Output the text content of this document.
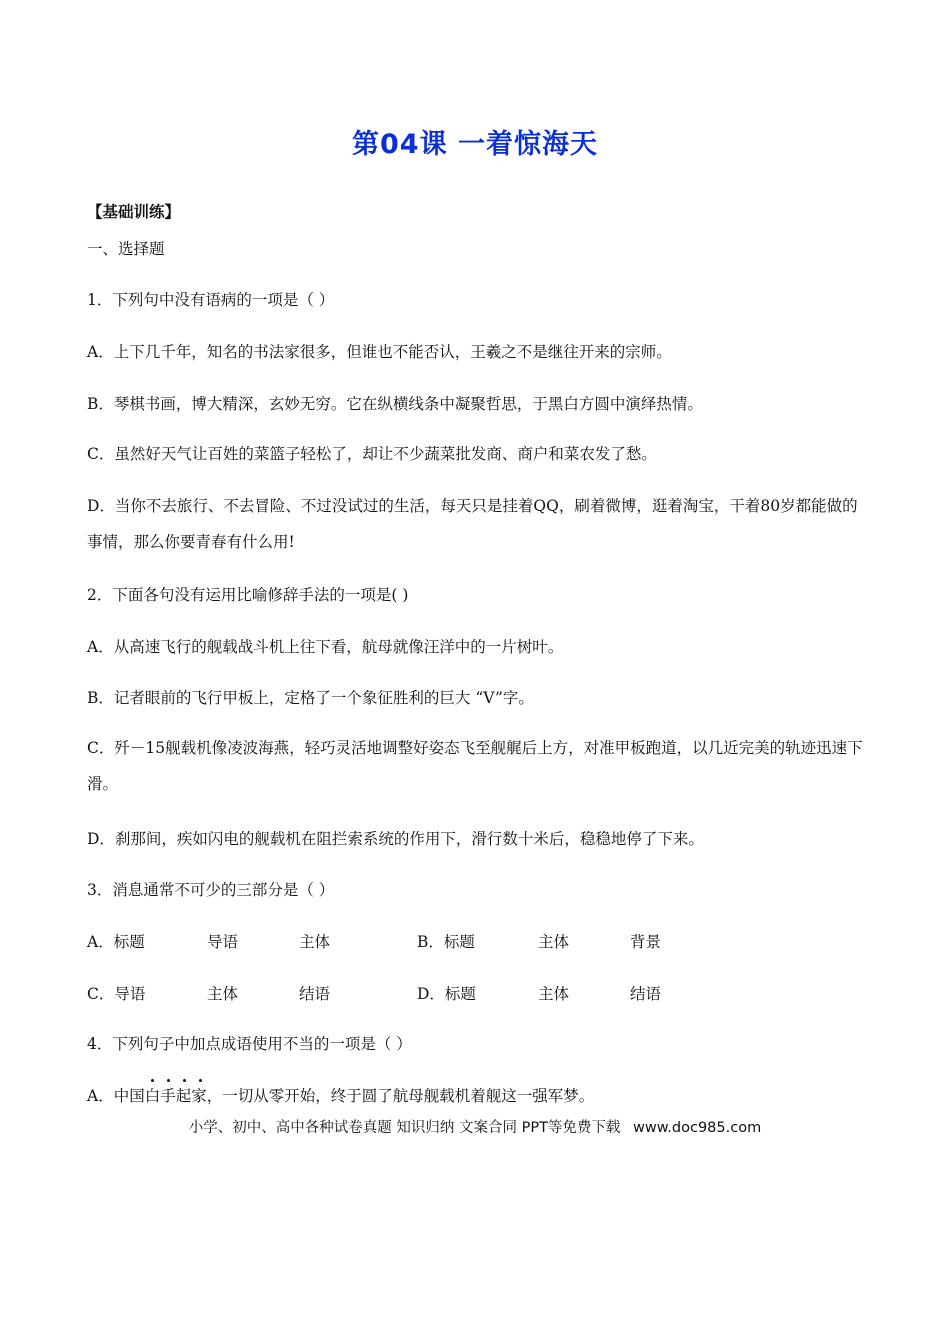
第04课 一着惊海天
【基础训练】
一、选择题
1．下列句中没有语病的一项是（ ）
A．上下几千年，知名的书法家很多，但谁也不能否认，王羲之不是继往开来的宗师。
B．琴棋书画，博大精深，玄妙无穷。它在纵横线条中凝聚哲思，于黑白方圆中演绎热情。
C．虽然好天气让百姓的菜篮子轻松了，却让不少蔬菜批发商、商户和菜农发了愁。
D．当你不去旅行、不去冒险、不过没试过的生活，每天只是挂着QQ，刷着微博，逛着淘宝，干着80岁都能做的事情，那么你要青春有什么用!
2．下面各句没有运用比喻修辞手法的一项是( )
A．从高速飞行的舰载战斗机上往下看，航母就像汪洋中的一片树叶。
B．记者眼前的飞行甲板上，定格了一个象征胜利的巨大 “V”字。
C．歼－15舰载机像凌波海燕，轻巧灵活地调整好姿态飞至舰艉后上方，对准甲板跑道，以几近完美的轨迹迅速下滑。
D．刹那间，疾如闪电的舰载机在阻拦索系统的作用下，滑行数十米后，稳稳地停了下来。
3．消息通常不可少的三部分是（ ）
A．标题	导语	主体	B．标题	主体	背景
C．导语	主体	结语	D．标题	主体	结语
4．下列句子中加点成语使用不当的一项是（ ）
A．中国白手起家
，一切从零开始，终于圆了航母舰载机着舰这一强军梦。
小学、初中、高中各种试卷真题 知识归纳 文案合同 PPT等免费下载 www.doc985.com
